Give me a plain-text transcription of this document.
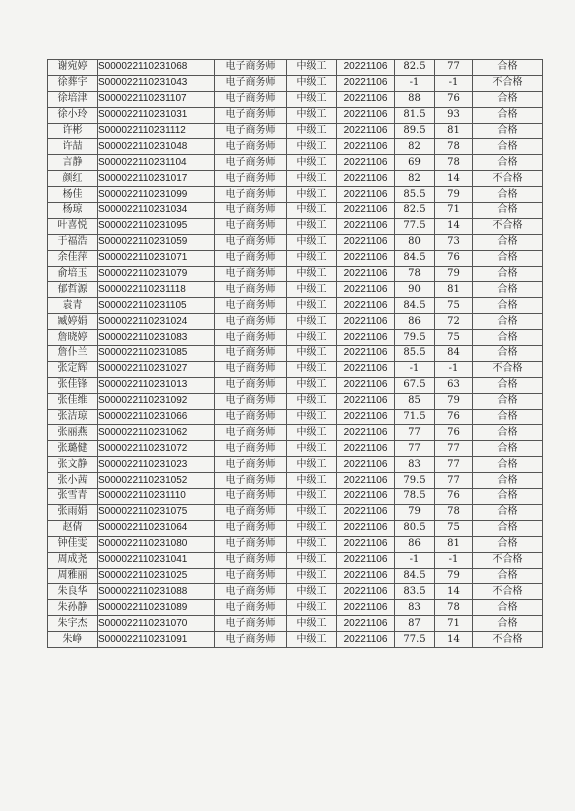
谢宛婷	S000022110231068	电子商务师	中级工	20221106	82.5	77	合格
徐葬宇	S000022110231043	电子商务师	中级工	20221106	-1	-1	不合格
徐培津	S000022110231107	电子商务师	中级工	20221106	88	76	合格
徐小玲	S000022110231031	电子商务师	中级工	20221106	81.5	93	合格
许彬	S000022110231112	电子商务师	中级工	20221106	89.5	81	合格
许喆	S000022110231048	电子商务师	中级工	20221106	82	78	合格
言静	S000022110231104	电子商务师	中级工	20221106	69	78	合格
颜红	S000022110231017	电子商务师	中级工	20221106	82	14	不合格
杨佳	S000022110231099	电子商务师	中级工	20221106	85.5	79	合格
杨琼	S000022110231034	电子商务师	中级工	20221106	82.5	71	合格
叶喜悦	S000022110231095	电子商务师	中级工	20221106	77.5	14	不合格
于福浩	S000022110231059	电子商务师	中级工	20221106	80	73	合格
余佳萍	S000022110231071	电子商务师	中级工	20221106	84.5	76	合格
俞培玉	S000022110231079	电子商务师	中级工	20221106	78	79	合格
郁哲源	S000022110231118	电子商务师	中级工	20221106	90	81	合格
袁青	S000022110231105	电子商务师	中级工	20221106	84.5	75	合格
臧婷娟	S000022110231024	电子商务师	中级工	20221106	86	72	合格
詹晓婷	S000022110231083	电子商务师	中级工	20221106	79.5	75	合格
詹仆兰	S000022110231085	电子商务师	中级工	20221106	85.5	84	合格
张定辉	S000022110231027	电子商务师	中级工	20221106	-1	-1	不合格
张佳锋	S000022110231013	电子商务师	中级工	20221106	67.5	63	合格
张佳维	S000022110231092	电子商务师	中级工	20221106	85	79	合格
张洁琼	S000022110231066	电子商务师	中级工	20221106	71.5	76	合格
张丽燕	S000022110231062	电子商务师	中级工	20221106	77	76	合格
张璐健	S000022110231072	电子商务师	中级工	20221106	77	77	合格
张文静	S000022110231023	电子商务师	中级工	20221106	83	77	合格
张小茜	S000022110231052	电子商务师	中级工	20221106	79.5	77	合格
张雪青	S000022110231110	电子商务师	中级工	20221106	78.5	76	合格
张雨娟	S000022110231075	电子商务师	中级工	20221106	79	78	合格
赵倩	S000022110231064	电子商务师	中级工	20221106	80.5	75	合格
钟佳雯	S000022110231080	电子商务师	中级工	20221106	86	81	合格
周成尧	S000022110231041	电子商务师	中级工	20221106	-1	-1	不合格
周雅丽	S000022110231025	电子商务师	中级工	20221106	84.5	79	合格
朱良华	S000022110231088	电子商务师	中级工	20221106	83.5	14	不合格
朱孙静	S000022110231089	电子商务师	中级工	20221106	83	78	合格
朱宇杰	S000022110231070	电子商务师	中级工	20221106	87	71	合格
朱峥	S000022110231091	电子商务师	中级工	20221106	77.5	14	不合格
